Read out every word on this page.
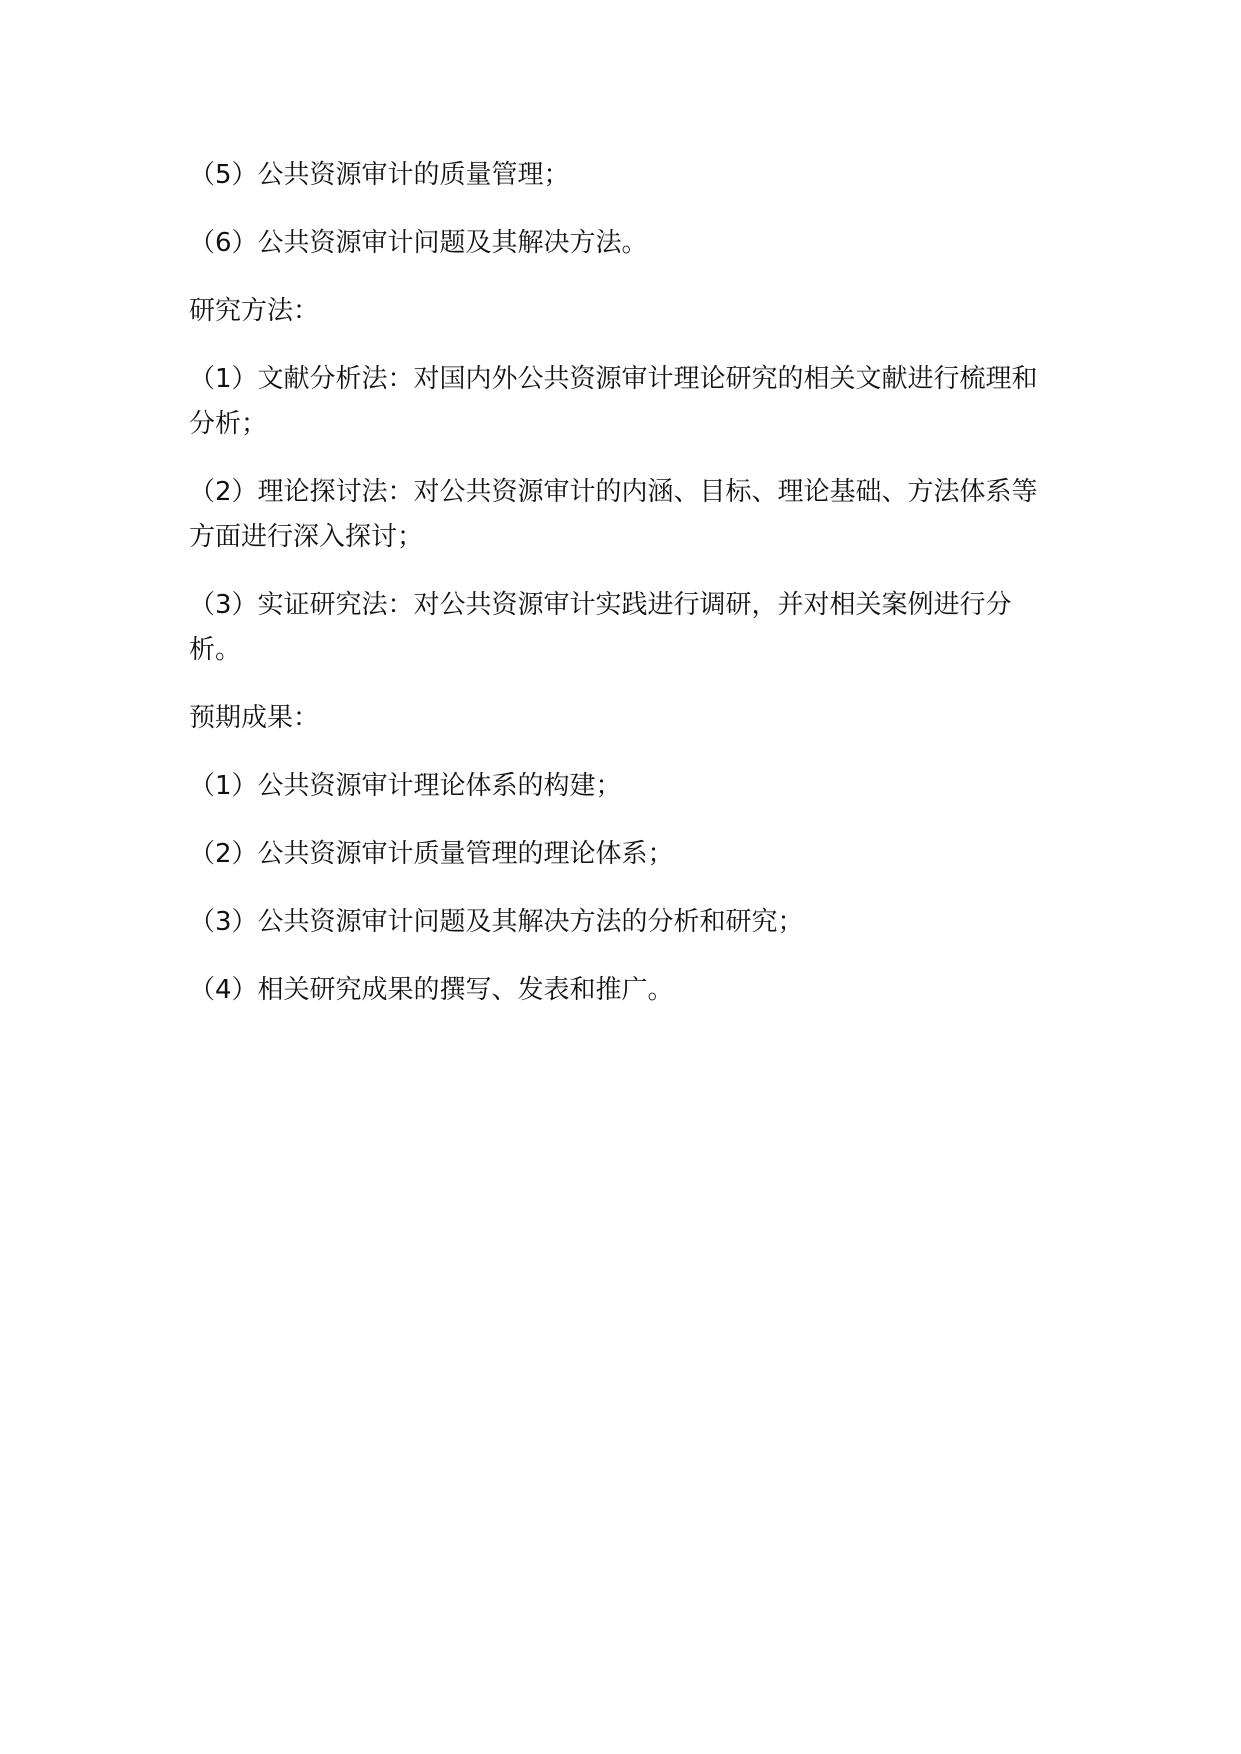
（5）公共资源审计的质量管理；

（6）公共资源审计问题及其解决方法。

研究方法：

（1）文献分析法：对国内外公共资源审计理论研究的相关文献进行梳理和分析；

（2）理论探讨法：对公共资源审计的内涵、目标、理论基础、方法体系等方面进行深入探讨；

（3）实证研究法：对公共资源审计实践进行调研，并对相关案例进行分析。

预期成果：

（1）公共资源审计理论体系的构建；

（2）公共资源审计质量管理的理论体系；

（3）公共资源审计问题及其解决方法的分析和研究；

（4）相关研究成果的撰写、发表和推广。
